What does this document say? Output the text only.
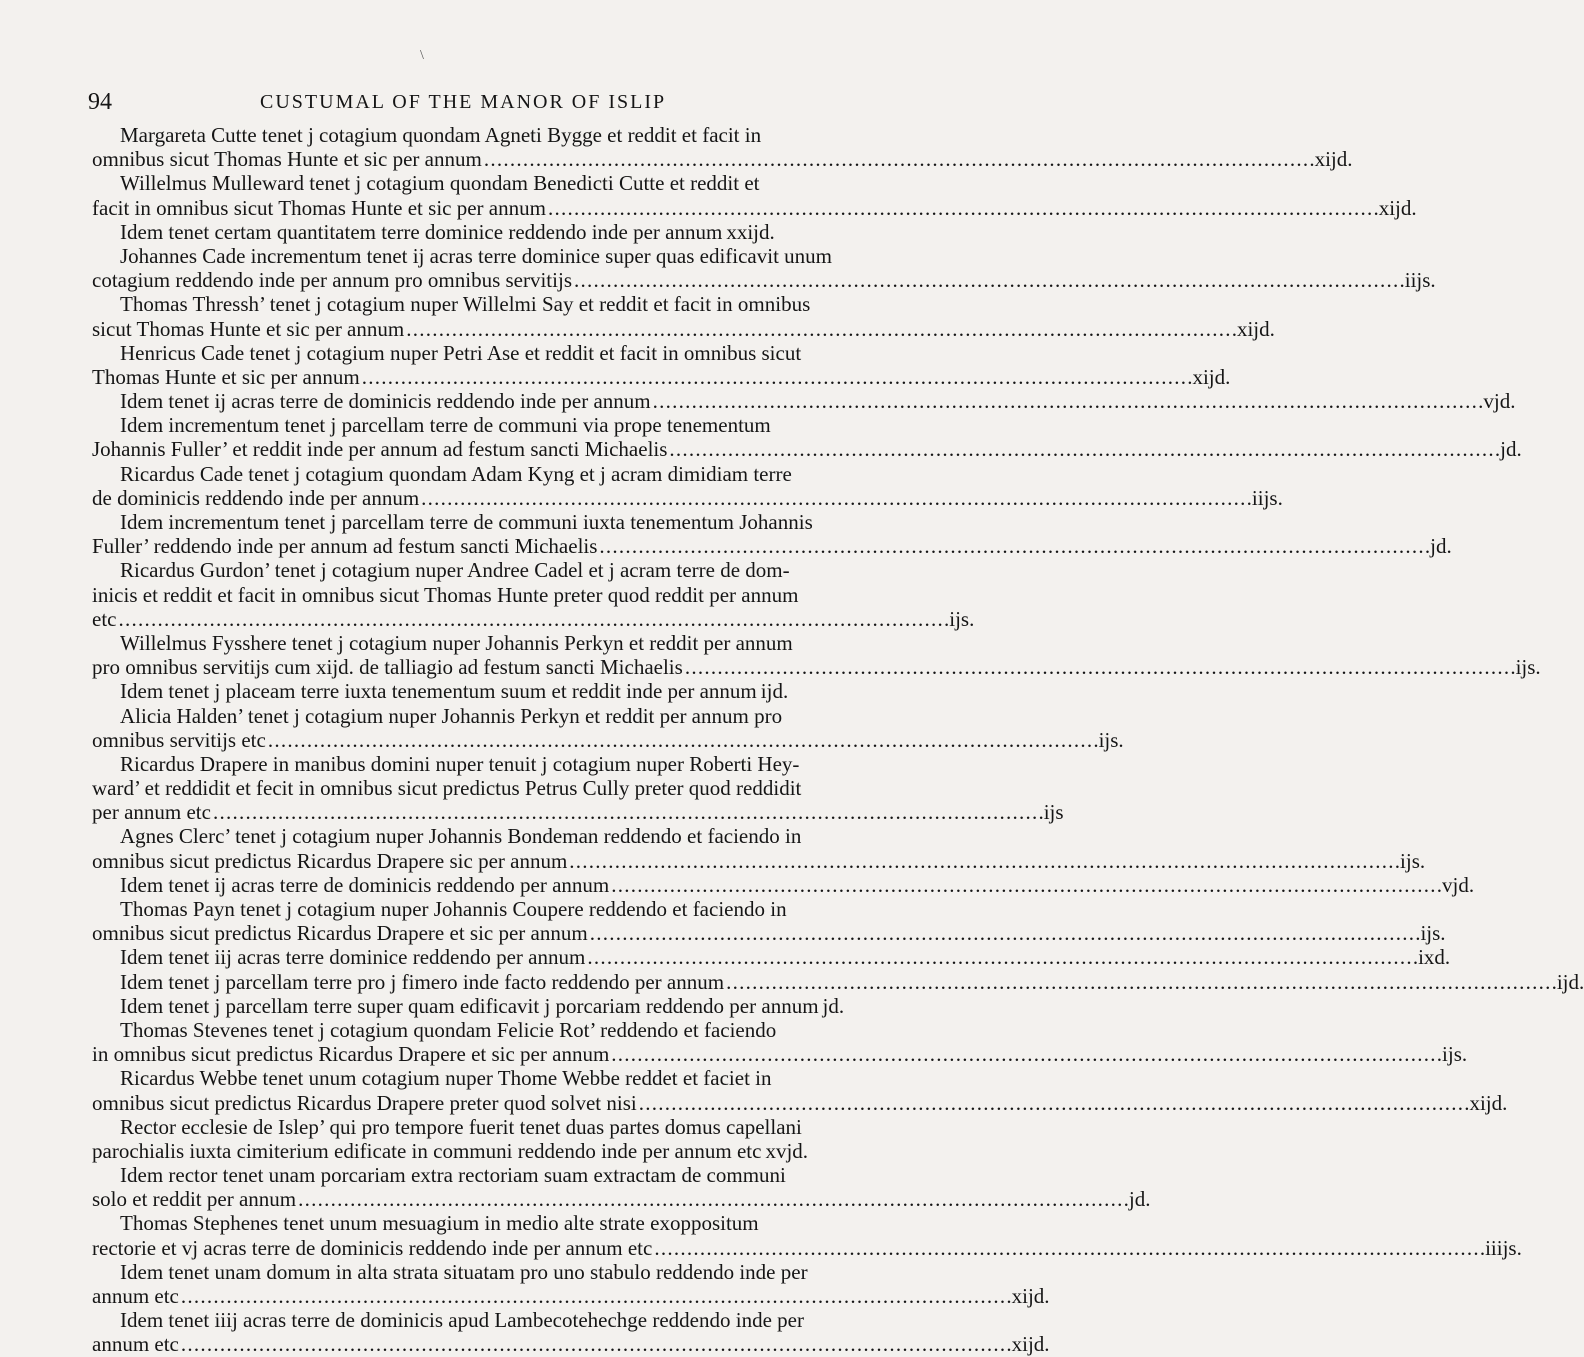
\
94	CUSTUMAL OF THE MANOR OF ISLIP
Margareta Cutte tenet j cotagium quondam Agneti Bygge et reddit et facit in
omnibus sicut Thomas Hunte et sic per annum . . .	xijd.
Willelmus Mulleward tenet j cotagium quondam Benedicti Cutte et reddit et
facit in omnibus sicut Thomas Hunte et sic per annum . . .	xijd.
Idem tenet certam quantitatem terre dominice reddendo inde per annum xxijd.
Johannes Cade incrementum tenet ij acras terre dominice super quas edificavit unum
cotagium reddendo inde per annum pro omnibus servitijs . . .	iijs.
Thomas Thressh’ tenet j cotagium nuper Willelmi Say et reddit et facit in omnibus
sicut Thomas Hunte et sic per annum . . .	xijd.
Henricus Cade tenet j cotagium nuper Petri Ase et reddit et facit in omnibus sicut
Thomas Hunte et sic per annum . . .	xijd.
Idem tenet ij acras terre de dominicis reddendo inde per annum . . .	vjd.
Idem incrementum tenet j parcellam terre de communi via prope tenementum
Johannis Fuller’ et reddit inde per annum ad festum sancti Michaelis . . .	jd.
Ricardus Cade tenet j cotagium quondam Adam Kyng et j acram dimidiam terre
de dominicis reddendo inde per annum . . .	iijs.
Idem incrementum tenet j parcellam terre de communi iuxta tenementum Johannis
Fuller’ reddendo inde per annum ad festum sancti Michaelis . . .	jd.
Ricardus Gurdon’ tenet j cotagium nuper Andree Cadel et j acram terre de dom-
inicis et reddit et facit in omnibus sicut Thomas Hunte preter quod reddit per annum
etc . . .	ijs.
Willelmus Fysshere tenet j cotagium nuper Johannis Perkyn et reddit per annum
pro omnibus servitijs cum xijd. de talliagio ad festum sancti Michaelis . . .	ijs.
Idem tenet j placeam terre iuxta tenementum suum et reddit inde per annum ijd.
Alicia Halden’ tenet j cotagium nuper Johannis Perkyn et reddit per annum pro
omnibus servitijs etc . . .	ijs.
Ricardus Drapere in manibus domini nuper tenuit j cotagium nuper Roberti Hey-
ward’ et reddidit et fecit in omnibus sicut predictus Petrus Cully preter quod reddidit
per annum etc . . .	ijs
Agnes Clerc’ tenet j cotagium nuper Johannis Bondeman reddendo et faciendo in
omnibus sicut predictus Ricardus Drapere sic per annum . . .	ijs.
Idem tenet ij acras terre de dominicis reddendo per annum . . .	vjd.
Thomas Payn tenet j cotagium nuper Johannis Coupere reddendo et faciendo in
omnibus sicut predictus Ricardus Drapere et sic per annum . . .	ijs.
Idem tenet iij acras terre dominice reddendo per annum . . .	ixd.
Idem tenet j parcellam terre pro j fimero inde facto reddendo per annum . . .	ijd.
Idem tenet j parcellam terre super quam edificavit j porcariam reddendo per annum jd.
Thomas Stevenes tenet j cotagium quondam Felicie Rot’ reddendo et faciendo
in omnibus sicut predictus Ricardus Drapere et sic per annum . . .	ijs.
Ricardus Webbe tenet unum cotagium nuper Thome Webbe reddet et faciet in
omnibus sicut predictus Ricardus Drapere preter quod solvet nisi . . .	xijd.
Rector ecclesie de Islep’ qui pro tempore fuerit tenet duas partes domus capellani
parochialis iuxta cimiterium edificate in communi reddendo inde per annum etc xvjd.
Idem rector tenet unam porcariam extra rectoriam suam extractam de communi
solo et reddit per annum . . .	jd.
Thomas Stephenes tenet unum mesuagium in medio alte strate exoppositum
rectorie et vj acras terre de dominicis reddendo inde per annum etc . . .	iiijs.
Idem tenet unam domum in alta strata situatam pro uno stabulo reddendo inde per
annum etc . . .	xijd.
Idem tenet iiij acras terre de dominicis apud Lambecotehechge reddendo inde per
annum etc . . .	xijd.
